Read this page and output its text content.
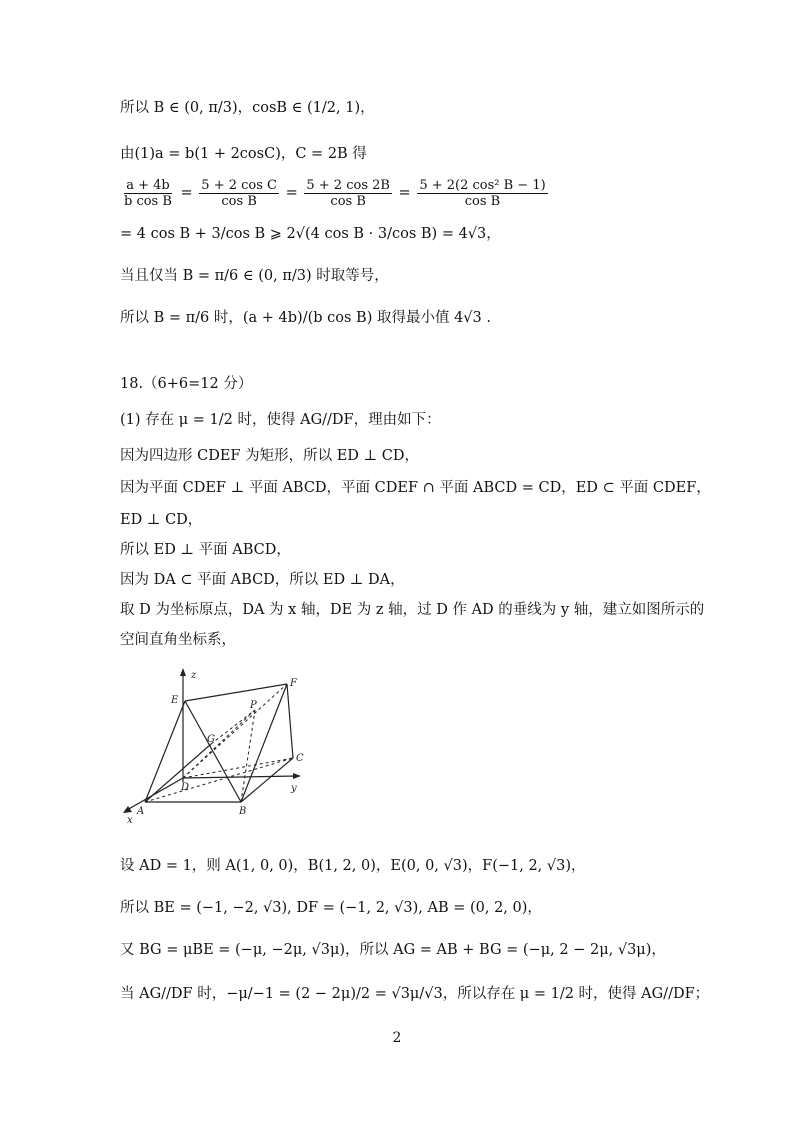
所以 B ∈ (0, π/3)，cosB ∈ (1/2, 1)，
由(1)a = b(1 + 2cosC)，C = 2B 得
$\frac{a + 4b}{\text{b cos B}} = \frac{\text{5 + 2 cos C}}{\text{cos B}} = \frac{5 + 2 \cos 2B}{\text{cos B}} = \frac{\text{5 + 2(2 cos² B − 1)}}{\text{cos B}}$
= 4 cos B + 3/cos B ⩾ 2√(4 cos B · 3/cos B) = 4√3，
当且仅当 B = π/6 ∈ (0, π/3) 时取等号，
所以 B = π/6 时，(a + 4b)/(b cos B) 取得最小值 4√3 .
18.（6+6=12 分）
(1) 存在 μ = 1/2 时，使得 AG//DF，理由如下：
因为四边形 CDEF 为矩形，所以 ED ⊥ CD，
因为平面 CDEF ⊥ 平面 ABCD，平面 CDEF ∩ 平面 ABCD = CD，ED ⊂ 平面 CDEF，
ED ⊥ CD，
所以 ED ⊥ 平面 ABCD，
因为 DA ⊂ 平面 ABCD，所以 ED ⊥ DA，
取 D 为坐标原点，DA 为 x 轴，DE 为 z 轴，过 D 作 AD 的垂线为 y 轴，建立如图所示的
空间直角坐标系，
z
E
F
P
G
C
D	y
A	B
x
设 AD = 1，则 A(1, 0, 0)，B(1, 2, 0)，E(0, 0, √3)，F(−1, 2, √3)，
所以 BE = (−1, −2, √3), DF = (−1, 2, √3), AB = (0, 2, 0)，
又 BG = μBE = (−μ, −2μ, √3μ)，所以 AG = AB + BG = (−μ, 2 − 2μ, √3μ)，
当 AG//DF 时，−μ/−1 = (2 − 2μ)/2 = √3μ/√3，所以存在 μ = 1/2 时，使得 AG//DF；
2
